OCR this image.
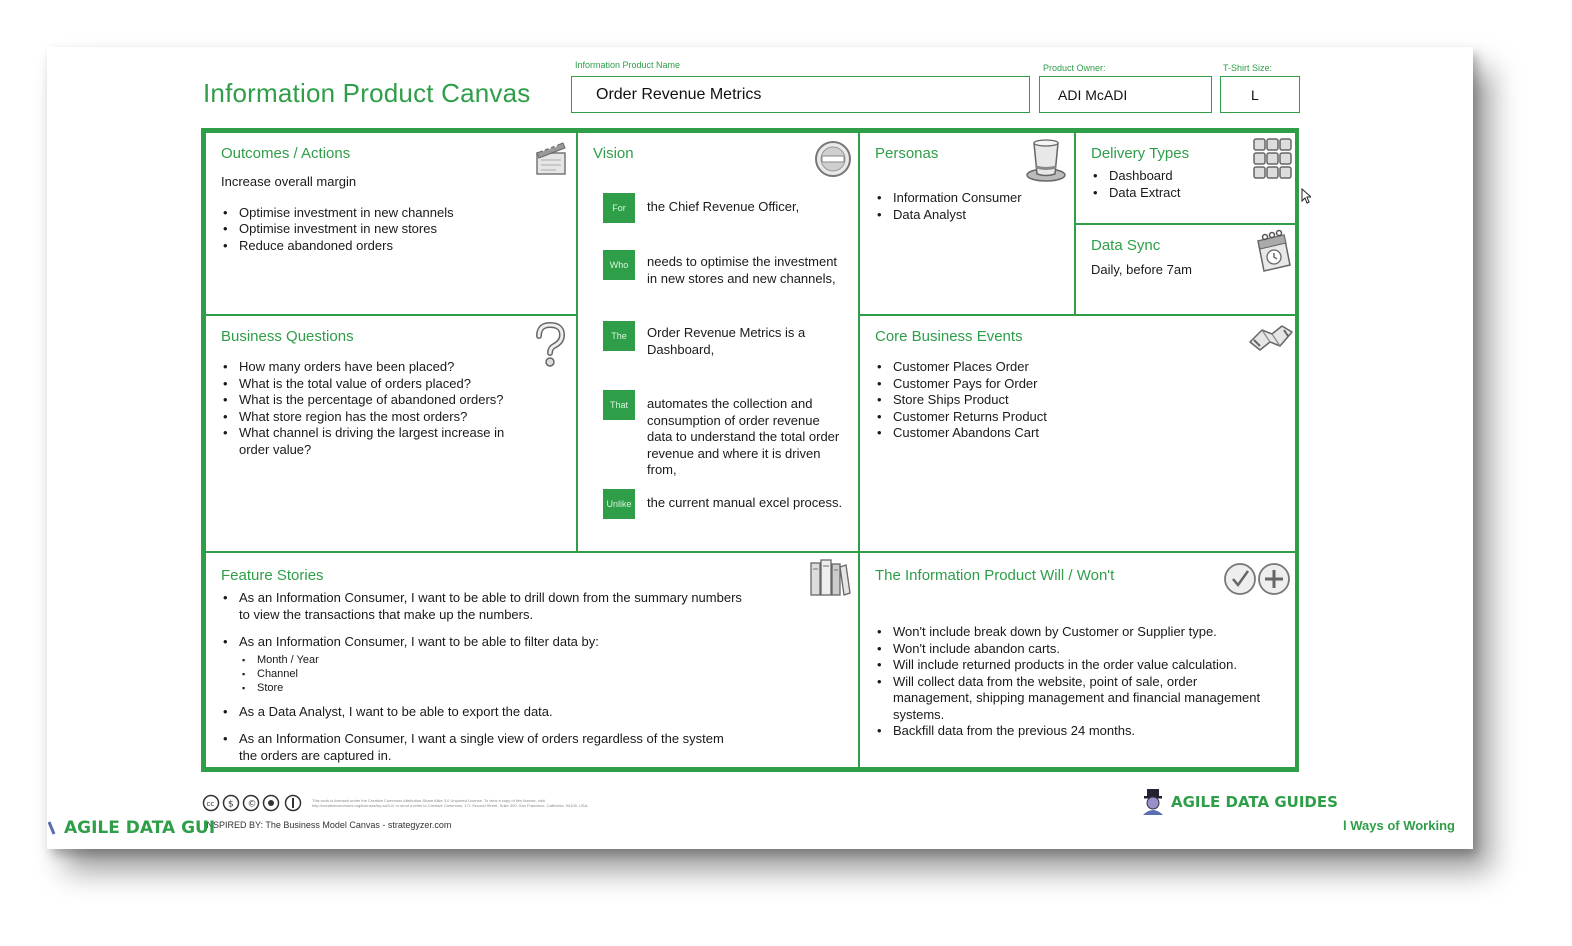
Information Product Canvas
Information Product Name
Order Revenue Metrics
Product Owner:
ADI McADI
T-Shirt Size:
L
Outcomes / Actions

Increase overall margin

• Optimise investment in new channels
• Optimise investment in new stores
• Reduce abandoned orders
Vision
For	the Chief Revenue Officer,
Who	needs to optimise the investment in new stores and new channels,
The	Order Revenue Metrics is a Dashboard,
That	automates the collection and consumption of order revenue data to understand the total order revenue and where it is driven from,
Unlike the current manual excel process.
Personas
• Information Consumer
• Data Analyst
Delivery Types
• Dashboard
• Data Extract
Data Sync

Daily, before 7am

Business Questions
• How many orders have been placed?
• What is the total value of orders placed?
• What is the percentage of abandoned orders?
• What store region has the most orders?
• What channel is driving the largest increase in order value?
Core Business Events
• Customer Places Order
• Customer Pays for Order
• Store Ships Product
• Customer Returns Product
• Customer Abandons Cart
Feature Stories
• As an Information Consumer, I want to be able to drill down from the summary numbers to view the transactions that make up the numbers.
• As an Information Consumer, I want to be able to filter data by:
▪ Month / Year
▪ Channel
▪ Store
• As a Data Analyst, I want to be able to export the data.
• As an Information Consumer, I want a single view of orders regardless of the system the orders are captured in.
The Information Product Will / Won't
• Won't include break down by Customer or Supplier type.
• Won't include abandon carts.
• Will include returned products in the order value calculation.
• Will collect data from the website, point of sale, order management, shipping management and financial management systems.
• Backfill data from the previous 24 months.
cc $ ©	This work is licensed under the Creative Commons Attribution-Share Alike 3.0 Unported License. To view a copy of this license, visit
http://creativecommons.org/licenses/by-sa/3.0/ or send a letter to Creative Commons, 171 Second Street, Suite 300, San Francisco, California, 94105, USA.
INSPIRED BY: The Business Model Canvas - strategyzer.com
AGILE DATA GUIDES
AGILE DATA GUI	l Ways of Working
